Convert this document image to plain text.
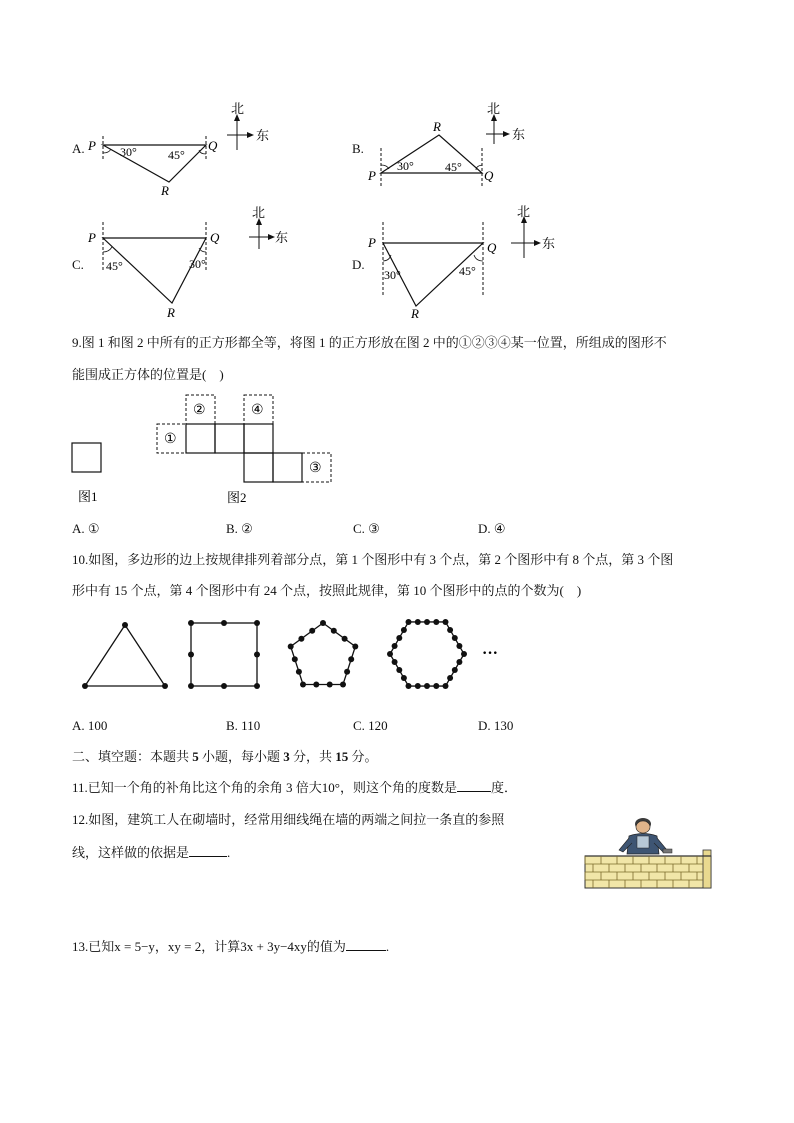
A. P	Q
R
30°	45°
北
东
B.
P	Q
R
30°	45°
北
东
C.
P	Q
R
45°	30°
北
东
D.
P	Q
R
30°	45°
北
东
9.图 1 和图 2 中所有的正方形都全等，将图 1 的正方形放在图 2 中的①②③④某一位置，所组成的图形不
能围成正方体的位置是(　)
图1
①
②	④
③
图2
A. ①	B. ②	C. ③	D. ④
10.如图，多边形的边上按规律排列着部分点，第 1 个图形中有 3 个点，第 2 个图形中有 8 个点，第 3 个图
形中有 15 个点，第 4 个图形中有 24 个点，按照此规律，第 10 个图形中的点的个数为(　)
···
A. 100	B. 110	C. 120	D. 130
二、填空题：本题共 5 小题，每小题 3 分，共 15 分。
11.已知一个角的补角比这个角的余角 3 倍大10°，则这个角的度数是	度．
12.如图，建筑工人在砌墙时，经常用细线绳在墙的两端之间拉一条直的参照
线，这样做的依据是	.
13.已知x = 5−y，xy = 2，计算3x + 3y−4xy的值为	.
